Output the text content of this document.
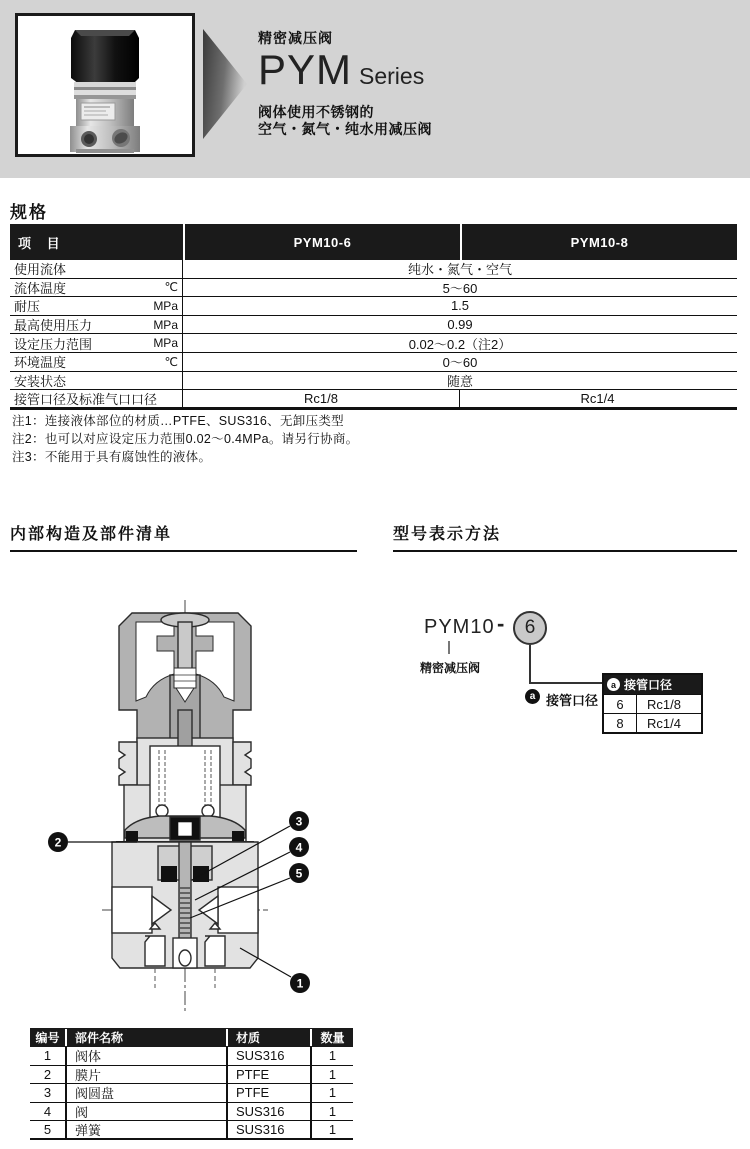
精密减压阀
PYM Series
阀体使用不锈钢的
空气・氮气・纯水用减压阀
规格
项 目	PYM10-6	PYM10-8
使用流体	纯水・氮气・空气
流体温度	℃	5～60
耐压	MPa	1.5
最高使用压力	MPa	0.99
设定压力范围	MPa	0.02～0.2（注2）
环境温度	℃	0～60
安装状态	随意
接管口径及标准气口口径	Rc1/8	Rc1/4
注1：连接液体部位的材质…PTFE、SUS316、无卸压类型
注2：也可以对应设定压力范围0.02～0.4MPa。请另行协商。
注3：不能用于具有腐蚀性的液体。
内部构造及部件清单	型号表示方法
2
3
4
5
1
PYM10 -	6
精密减压阀
a 接管口径
a 接管口径
6	Rc1/8
8	Rc1/4
编号	部件名称	材质	数量
1	阀体	SUS316	1
2	膜片	PTFE	1
3	阀圆盘	PTFE	1
4	阀	SUS316	1
5	弹簧	SUS316	1
